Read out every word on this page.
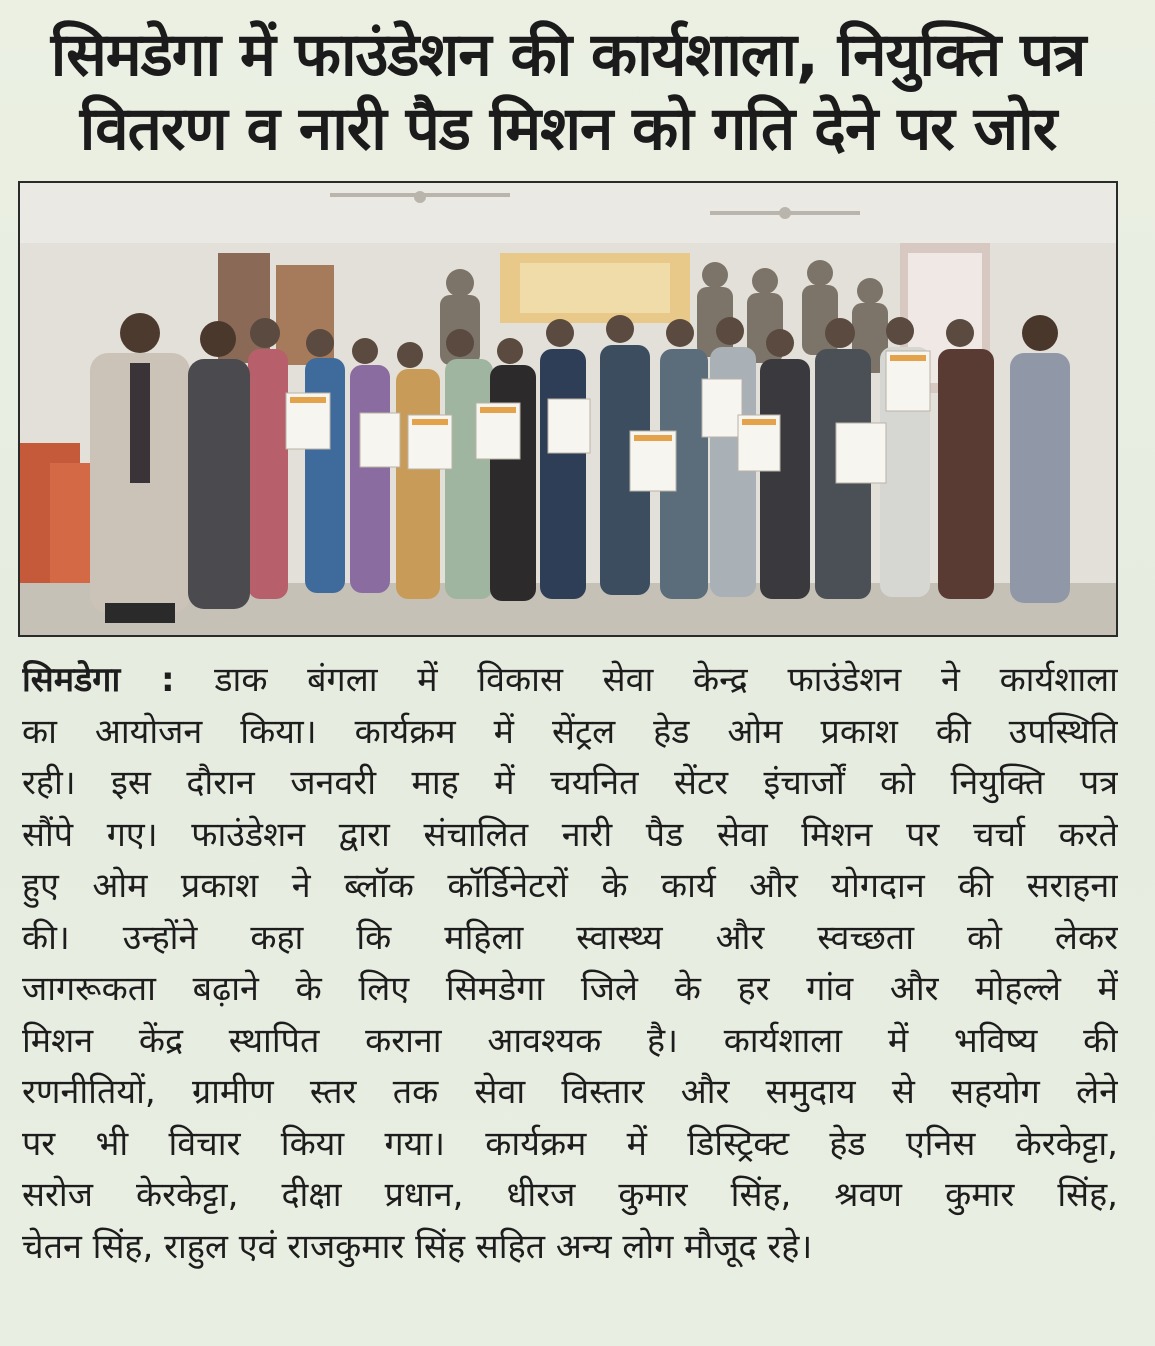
सिमडेगा में फाउंडेशन की कार्यशाला, नियुक्ति पत्र
वितरण व नारी पैड मिशन को गति देने पर जोर
सिमडेगा : डाक बंगला में विकास सेवा केन्द्र फाउंडेशन ने कार्यशाला
का आयोजन किया। कार्यक्रम में सेंट्रल हेड ओम प्रकाश की उपस्थिति
रही। इस दौरान जनवरी माह में चयनित सेंटर इंचार्जों को नियुक्ति पत्र
सौंपे गए। फाउंडेशन द्वारा संचालित नारी पैड सेवा मिशन पर चर्चा करते
हुए ओम प्रकाश ने ब्लॉक कॉर्डिनेटरों के कार्य और योगदान की सराहना
की। उन्होंने कहा कि महिला स्वास्थ्य और स्वच्छता को लेकर
जागरूकता बढ़ाने के लिए सिमडेगा जिले के हर गांव और मोहल्ले में
मिशन केंद्र स्थापित कराना आवश्यक है। कार्यशाला में भविष्य की
रणनीतियों, ग्रामीण स्तर तक सेवा विस्तार और समुदाय से सहयोग लेने
पर भी विचार किया गया। कार्यक्रम में डिस्ट्रिक्ट हेड एनिस केरकेट्टा,
सरोज केरकेट्टा, दीक्षा प्रधान, धीरज कुमार सिंह, श्रवण कुमार सिंह,
चेतन सिंह, राहुल एवं राजकुमार सिंह सहित अन्य लोग मौजूद रहे।
